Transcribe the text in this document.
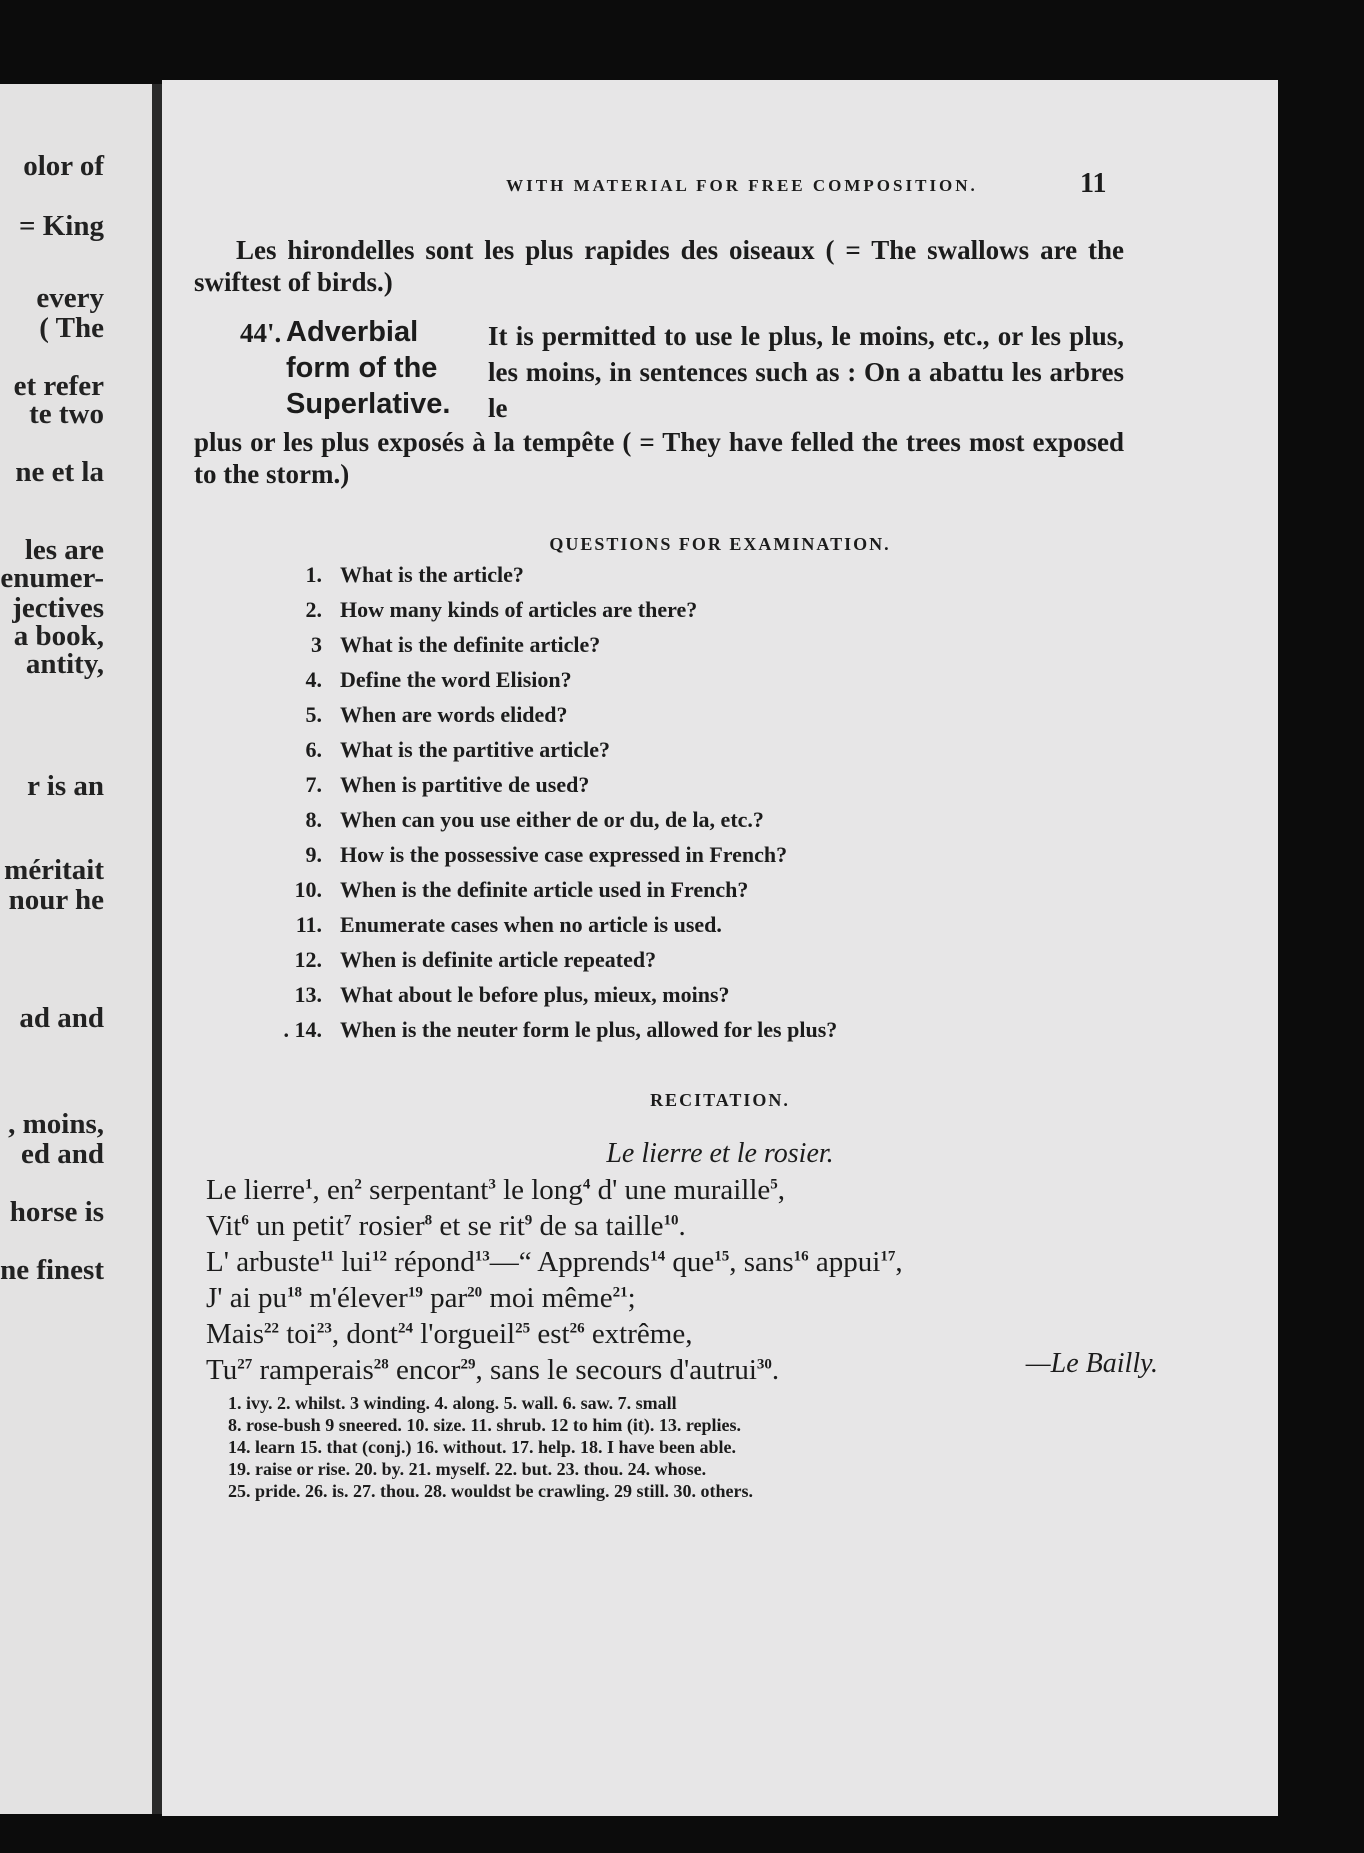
olor of
= King
every
( The
et refer
te two
ne et la
les are
enumer-
jectives
a book,
antity,
r is an
méritait
nour he
ad and
, moins,
ed and
horse is
ne finest
WITH MATERIAL FOR FREE COMPOSITION.	11
Les hirondelles sont les plus rapides des oiseaux ( = The swallows are the swiftest of birds.)
44'. Adverbial form of the Superlative.
It is permitted to use le plus, le moins, etc., or les plus, les moins, in sentences such as : On a abattu les arbres le
plus or les plus exposés à la tempête ( = They have felled the trees most exposed to the storm.)
QUESTIONS FOR EXAMINATION.
1. What is the article?
2. How many kinds of articles are there?
3 What is the definite article?
4. Define the word Elision?
5. When are words elided?
6. What is the partitive article?
7. When is partitive de used?
8. When can you use either de or du, de la, etc.?
9. How is the possessive case expressed in French?
10. When is the definite article used in French?
11. Enumerate cases when no article is used.
12. When is definite article repeated?
13. What about le before plus, mieux, moins?
. 14. When is the neuter form le plus, allowed for les plus?
RECITATION.
Le lierre et le rosier.
Le lierre$^1$, $en^2$ serpentant$^3$ le long$^4$ d' une muraille$^5$,
Vit$^6$ un petit$^7$ rosier$^8$ et se rit$^9$ de sa taille$^{10}$.
L' arbuste$^{11}$ lui$^{12}$ répond$^{13}$—“ Apprends$^{14}$ que$^{15}$, sans$^{16}$ appui$^{17}$,
J' ai $pu^{18}$ m'élever$^{19}$ par$^{20}$ moi même$^{21}$;
Mais$^{22}$ toi$^{23}$, dont$^{24}$ l'orgueil$^{25}$ est$^{26}$ extrême,
Tu$^{27}$ ramperais$^{28}$ encor$^{29}$, sans le secours d'autrui$^{30}$.	—Le Bailly.
1. ivy. 2. whilst. 3 winding. 4. along. 5. wall. 6. saw. 7. small
8. rose-bush 9 sneered. 10. size. 11. shrub. 12 to him (it). 13. replies.
14. learn 15. that (conj.) 16. without. 17. help. 18. I have been able.
19. raise or rise. 20. by. 21. myself. 22. but. 23. thou. 24. whose.
25. pride. 26. is. 27. thou. 28. wouldst be crawling. 29 still. 30. others.
